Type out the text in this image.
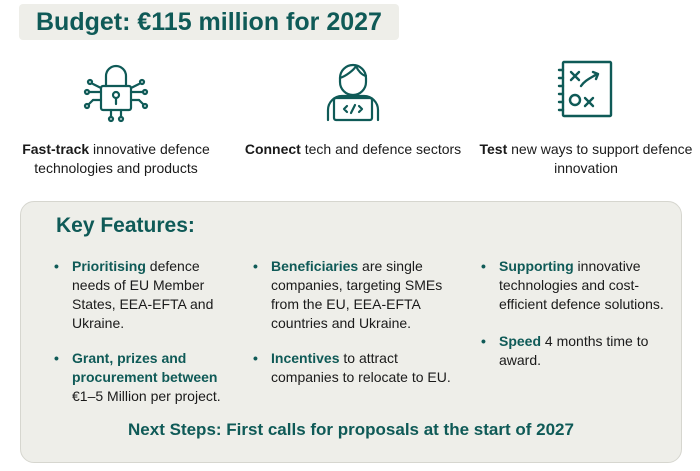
Budget: €115 million for 2027
Fast-track innovative defence technologies and products
Connect tech and defence sectors	Test new ways to support defence innovation
Key Features:
• Prioritising defence needs of EU Member States, EEA-EFTA and Ukraine.
• Grant, prizes and procurement between €1–5 Million per project.
• Beneficiaries are single companies, targeting SMEs from the EU, EEA-EFTA countries and Ukraine.
• Incentives to attract companies to relocate to EU.
• Supporting innovative technologies and cost-efficient defence solutions.
• Speed 4 months time to award.
Next Steps: First calls for proposals at the start of 2027
